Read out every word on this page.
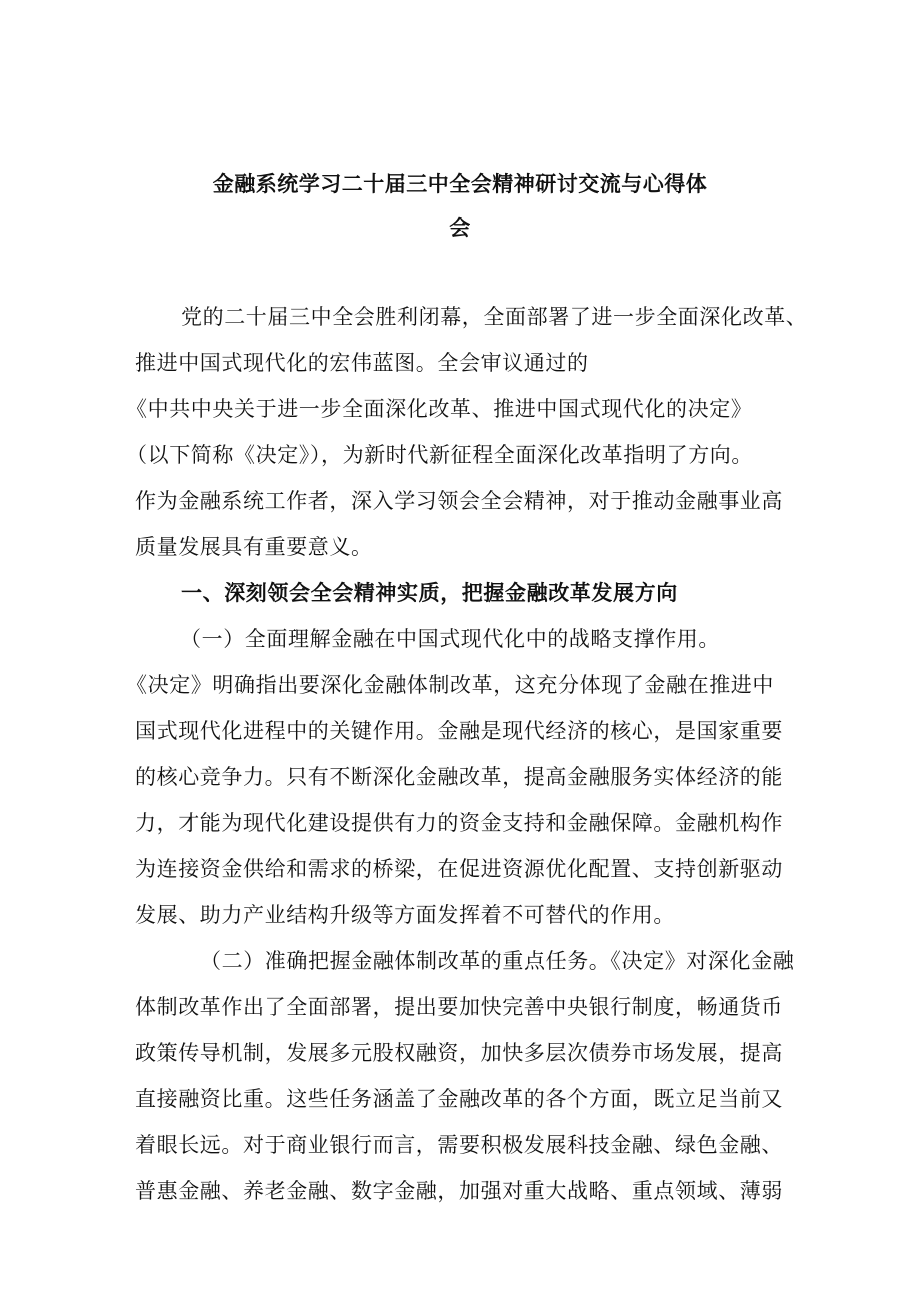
金融系统学习二十届三中全会精神研讨交流与心得体
会
党的二十届三中全会胜利闭幕，全面部署了进一步全面深化改革、
推进中国式现代化的宏伟蓝图。全会审议通过的
《中共中央关于进一步全面深化改革、推进中国式现代化的决定》
（以下简称《决定》），为新时代新征程全面深化改革指明了方向。
作为金融系统工作者，深入学习领会全会精神，对于推动金融事业高
质量发展具有重要意义。
一、深刻领会全会精神实质，把握金融改革发展方向
（一）全面理解金融在中国式现代化中的战略支撑作用。
《决定》明确指出要深化金融体制改革，这充分体现了金融在推进中
国式现代化进程中的关键作用。金融是现代经济的核心，是国家重要
的核心竞争力。只有不断深化金融改革，提高金融服务实体经济的能
力，才能为现代化建设提供有力的资金支持和金融保障。金融机构作
为连接资金供给和需求的桥梁，在促进资源优化配置、支持创新驱动
发展、助力产业结构升级等方面发挥着不可替代的作用。
（二）准确把握金融体制改革的重点任务。《决定》对深化金融
体制改革作出了全面部署，提出要加快完善中央银行制度，畅通货币
政策传导机制，发展多元股权融资，加快多层次债券市场发展，提高
直接融资比重。这些任务涵盖了金融改革的各个方面，既立足当前又
着眼长远。对于商业银行而言，需要积极发展科技金融、绿色金融、
普惠金融、养老金融、数字金融，加强对重大战略、重点领域、薄弱
